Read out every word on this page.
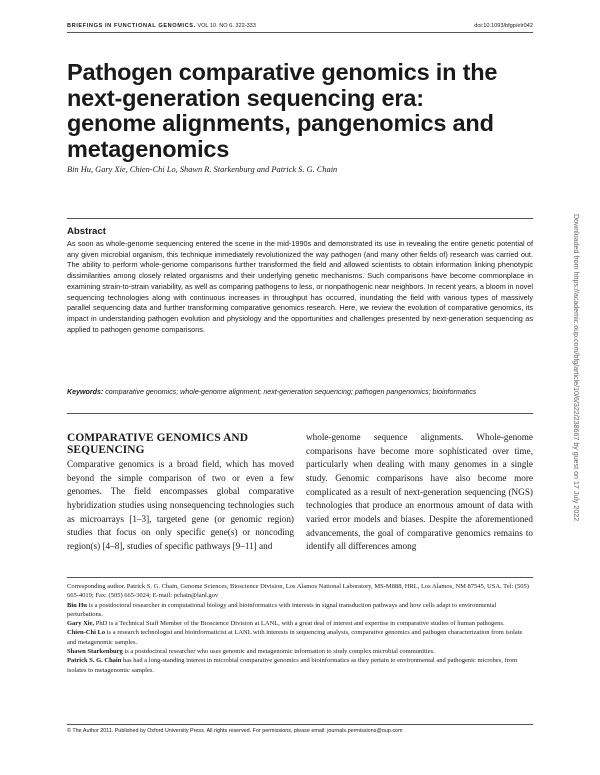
BRIEFINGS IN FUNCTIONAL GENOMICS. VOL 10. NO 6. 322-333	doi:10.1093/bfgp/elr042
Pathogen comparative genomics in the next-generation sequencing era: genome alignments, pangenomics and metagenomics
Bin Hu, Gary Xie, Chien-Chi Lo, Shawn R. Starkenburg and Patrick S. G. Chain
Abstract

As soon as whole-genome sequencing entered the scene in the mid-1990s and demonstrated its use in revealing the entire genetic potential of any given microbial organism, this technique immediately revolutionized the way pathogen (and many other fields of) research was carried out. The ability to perform whole-genome comparisons further transformed the field and allowed scientists to obtain information linking phenotypic dissimilarities among closely related organisms and their underlying genetic mechanisms. Such comparisons have become commonplace in examining strain-to-strain variability, as well as comparing pathogens to less, or nonpathogenic near neighbors. In recent years, a bloom in novel sequencing technologies along with continuous increases in throughput has occurred, inundating the field with various types of massively parallel sequencing data and further transforming comparative genomics research. Here, we review the evolution of comparative genomics, its impact in understanding pathogen evolution and physiology and the opportunities and challenges presented by next-generation sequencing as applied to pathogen genome comparisons.

Keywords: comparative genomics; whole-genome alignment; next-generation sequencing; pathogen pangenomics; bioinformatics

COMPARATIVE GENOMICS AND SEQUENCING

Comparative genomics is a broad field, which has moved beyond the simple comparison of two or even a few genomes. The field encompasses global comparative hybridization studies using nonsequencing technologies such as microarrays [1–3], targeted gene (or genomic region) studies that focus on only specific gene(s) or noncoding region(s) [4–8], studies of specific pathways [9–11] and

whole-genome sequence alignments. Whole-genome comparisons have become more sophisticated over time, particularly when dealing with many genomes in a single study. Genomic comparisons have also become more complicated as a result of next-generation sequencing (NGS) technologies that produce an enormous amount of data with varied error models and biases. Despite the aforementioned advancements, the goal of comparative genomics remains to identify all differences among

Corresponding author. Patrick S. G. Chain, Genome Sciences, Bioscience Division, Los Alamos National Laboratory, MS-M888, HRL, Los Alamos, NM 87545, USA. Tel: (505) 665-4019; Fax: (505) 665-3024; E-mail: pchain@lanl.gov

Bin Hu is a postdoctoral researcher in computational biology and bioinformatics with interests in signal transduction pathways and how cells adapt to environmental perturbations.

Gary Xie, PhD is a Technical Staff Member of the Bioscience Division at LANL, with a great deal of interest and expertise in comparative studies of human pathogens.

Chien-Chi Lo is a research technologist and bioinformaticist at LANL with interests in sequencing analysis, comparative genomics and pathogen characterization from isolate and metagenomic samples.

Shawn Starkenburg is a postdoctoral researcher who uses genomic and metagenomic information to study complex microbial communities.

Patrick S. G. Chain has had a long-standing interest in microbial comparative genomics and bioinformatics as they pertain to environmental and pathogenic microbes, from isolates to metagenomic samples.

© The Author 2011. Published by Oxford University Press. All rights reserved. For permissions, please email: journals.permissions@oup.com
Downloaded from https://academic.oup.com/bfg/article/10/6/322/238667 by guest on 17 July 2022
